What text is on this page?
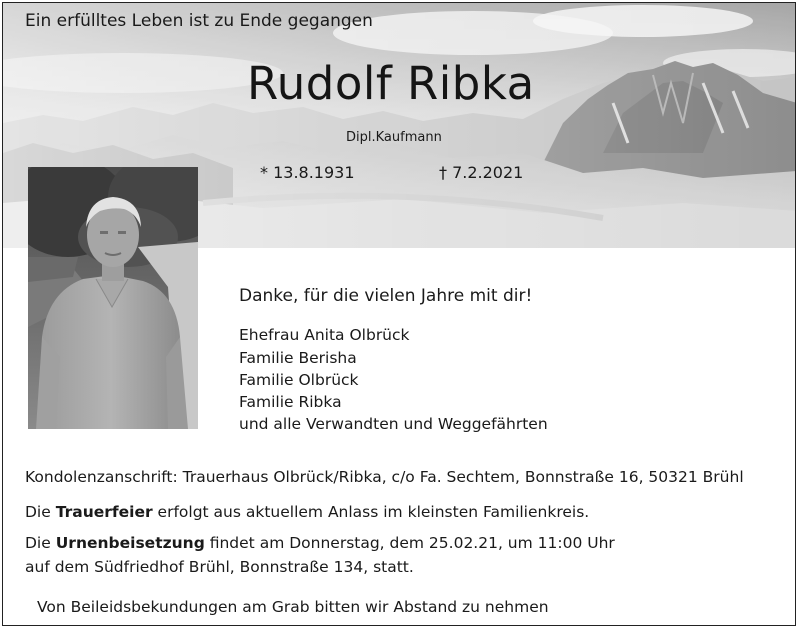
Ein erfülltes Leben ist zu Ende gegangen
Rudolf Ribka
Dipl.Kaufmann
* 13.8.1931	† 7.2.2021
Danke, für die vielen Jahre mit dir!
Ehefrau Anita Olbrück
Familie Berisha
Familie Olbrück
Familie Ribka
und alle Verwandten und Weggefährten
Kondolenzanschrift: Trauerhaus Olbrück/Ribka, c/o Fa. Sechtem, Bonnstraße 16, 50321 Brühl
Die Trauerfeier erfolgt aus aktuellem Anlass im kleinsten Familienkreis.
Die Urnenbeisetzung findet am Donnerstag, dem 25.02.21, um 11:00 Uhr
auf dem Südfriedhof Brühl, Bonnstraße 134, statt.
Von Beileidsbekundungen am Grab bitten wir Abstand zu nehmen
